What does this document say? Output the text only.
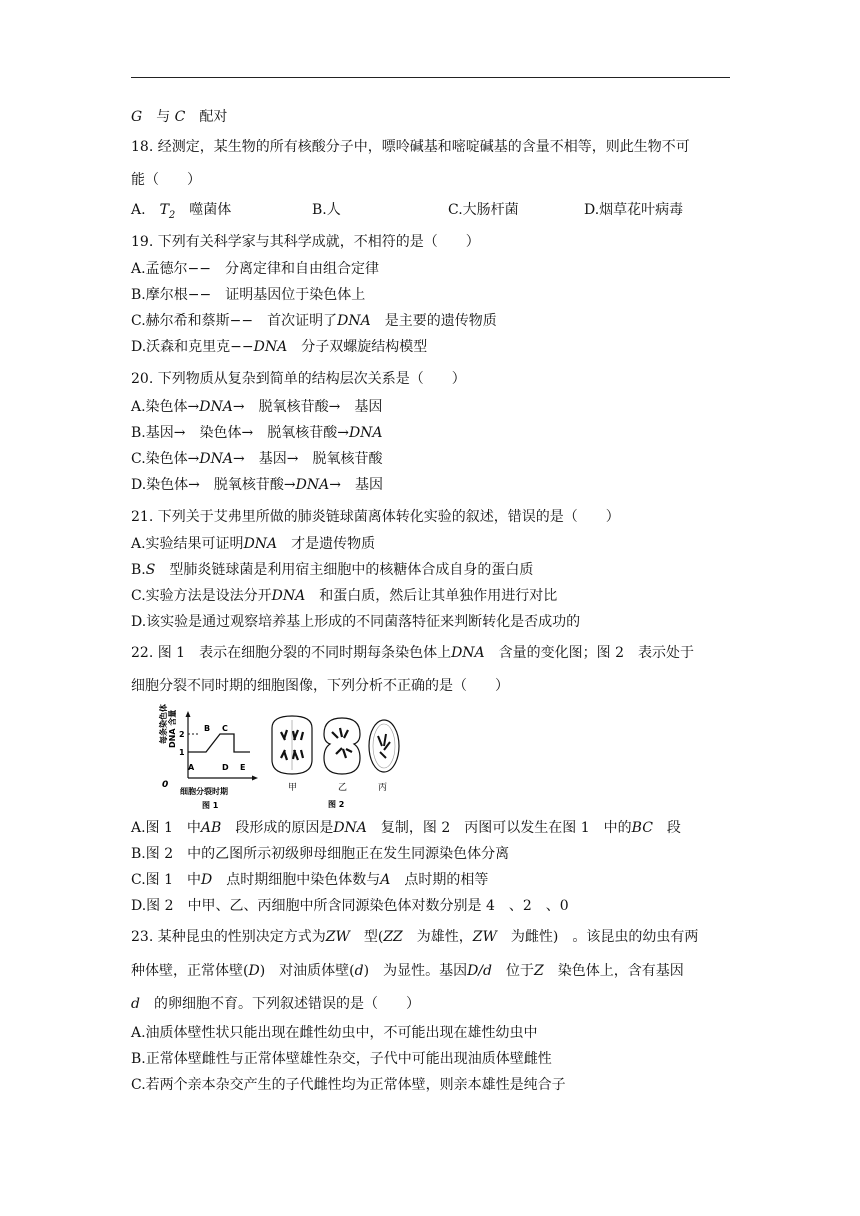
G　 与 C　 配对
18. 经测定，某生物的所有核酸分子中，嘌呤碱基和嘧啶碱基的含量不相等，则此生物不可
能（　　）
A.　 $T_2$　 噬菌体	B.人	C.大肠杆菌	D.烟草花叶病毒
19. 下列有关科学家与其科学成就，不相符的是（　　）
A.孟德尔−−　分离定律和自由组合定律
B.摩尔根−−　证明基因位于染色体上
C.赫尔希和蔡斯−−　首次证明了DNA　是主要的遗传物质
D.沃森和克里克−−DNA　分子双螺旋结构模型
20. 下列物质从复杂到简单的结构层次关系是（　　）
A.染色体→DNA→　脱氧核苷酸→　基因
B.基因→　染色体→　脱氧核苷酸→DNA
C.染色体→DNA→　基因→　脱氧核苷酸
D.染色体→　脱氧核苷酸→DNA→　基因
21. 下列关于艾弗里所做的肺炎链球菌离体转化实验的叙述，错误的是（　　）
A.实验结果可证明DNA　才是遗传物质
B.S　型肺炎链球菌是利用宿主细胞中的核糖体合成自身的蛋白质
C.实验方法是设法分开DNA　和蛋白质，然后让其单独作用进行对比
D.该实验是通过观察培养基上形成的不同菌落特征来判断转化是否成功的
22. 图 1　表示在细胞分裂的不同时期每条染色体上DNA　含量的变化图；图 2　表示处于
细胞分裂不同时期的细胞图像，下列分析不正确的是（　　）
每条染色体 DNA 含量 2
1
0
A
B C
D E
细胞分裂时期
图 1
甲	乙	丙
图 2
A.图 1　中AB　段形成的原因是DNA　复制，图 2　丙图可以发生在图 1　中的BC　段
B.图 2　中的乙图所示初级卵母细胞正在发生同源染色体分离
C.图 1　中D　点时期细胞中染色体数与A　点时期的相等
D.图 2　中甲、乙、丙细胞中所含同源染色体对数分别是 4　、2　、0
23. 某种昆虫的性别决定方式为ZW　型(ZZ　为雄性，ZW　为雌性)　。该昆虫的幼虫有两
种体壁，正常体壁(D)　对油质体壁(d)　为显性。基因D/d　位于Z　染色体上，含有基因
d　的卵细胞不育。下列叙述错误的是（　　）
A.油质体壁性状只能出现在雌性幼虫中，不可能出现在雄性幼虫中
B.正常体壁雌性与正常体壁雄性杂交，子代中可能出现油质体壁雌性
C.若两个亲本杂交产生的子代雌性均为正常体壁，则亲本雄性是纯合子
